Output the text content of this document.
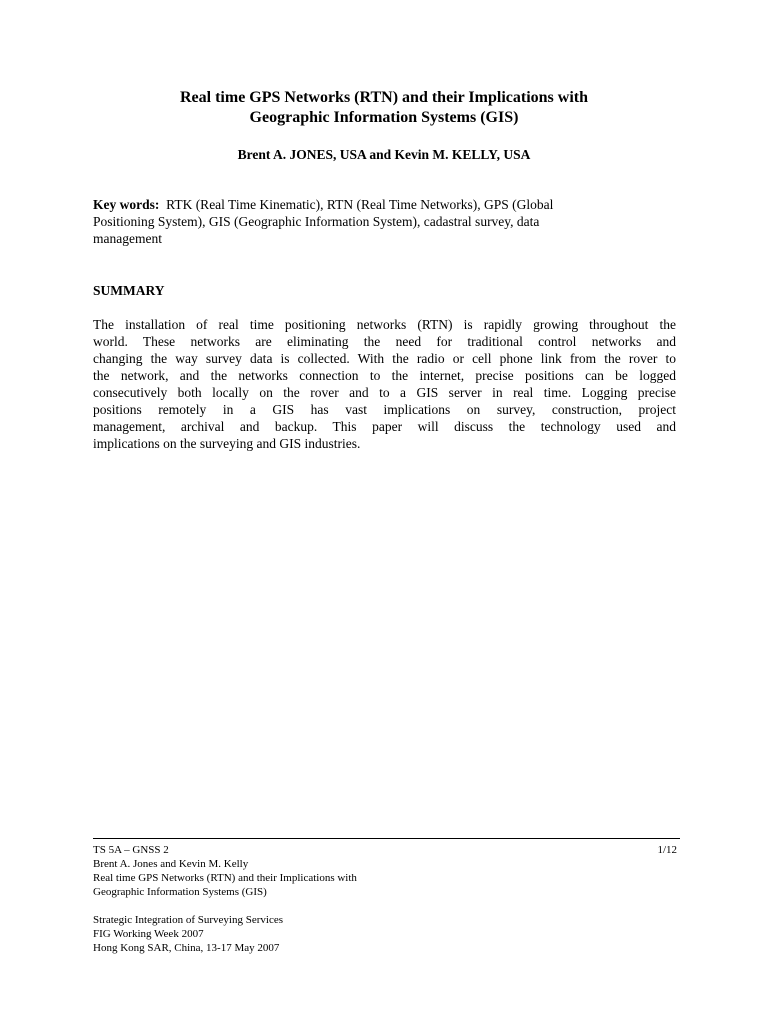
Real time GPS Networks (RTN) and their Implications with
Geographic Information Systems (GIS)
Brent A. JONES, USA and Kevin M. KELLY, USA
Key words: RTK (Real Time Kinematic), RTN (Real Time Networks), GPS (Global
Positioning System), GIS (Geographic Information System), cadastral survey, data
management
SUMMARY
The installation of real time positioning networks (RTN) is rapidly growing throughout the
world. These networks are eliminating the need for traditional control networks and
changing the way survey data is collected. With the radio or cell phone link from the rover to
the network, and the networks connection to the internet, precise positions can be logged
consecutively both locally on the rover and to a GIS server in real time. Logging precise
positions remotely in a GIS has vast implications on survey, construction, project
management, archival and backup. This paper will discuss the technology used and
implications on the surveying and GIS industries.
TS 5A – GNSS 2
Brent A. Jones and Kevin M. Kelly
Real time GPS Networks (RTN) and their Implications with
Geographic Information Systems (GIS)
Strategic Integration of Surveying Services
FIG Working Week 2007
Hong Kong SAR, China, 13-17 May 2007
1/12
